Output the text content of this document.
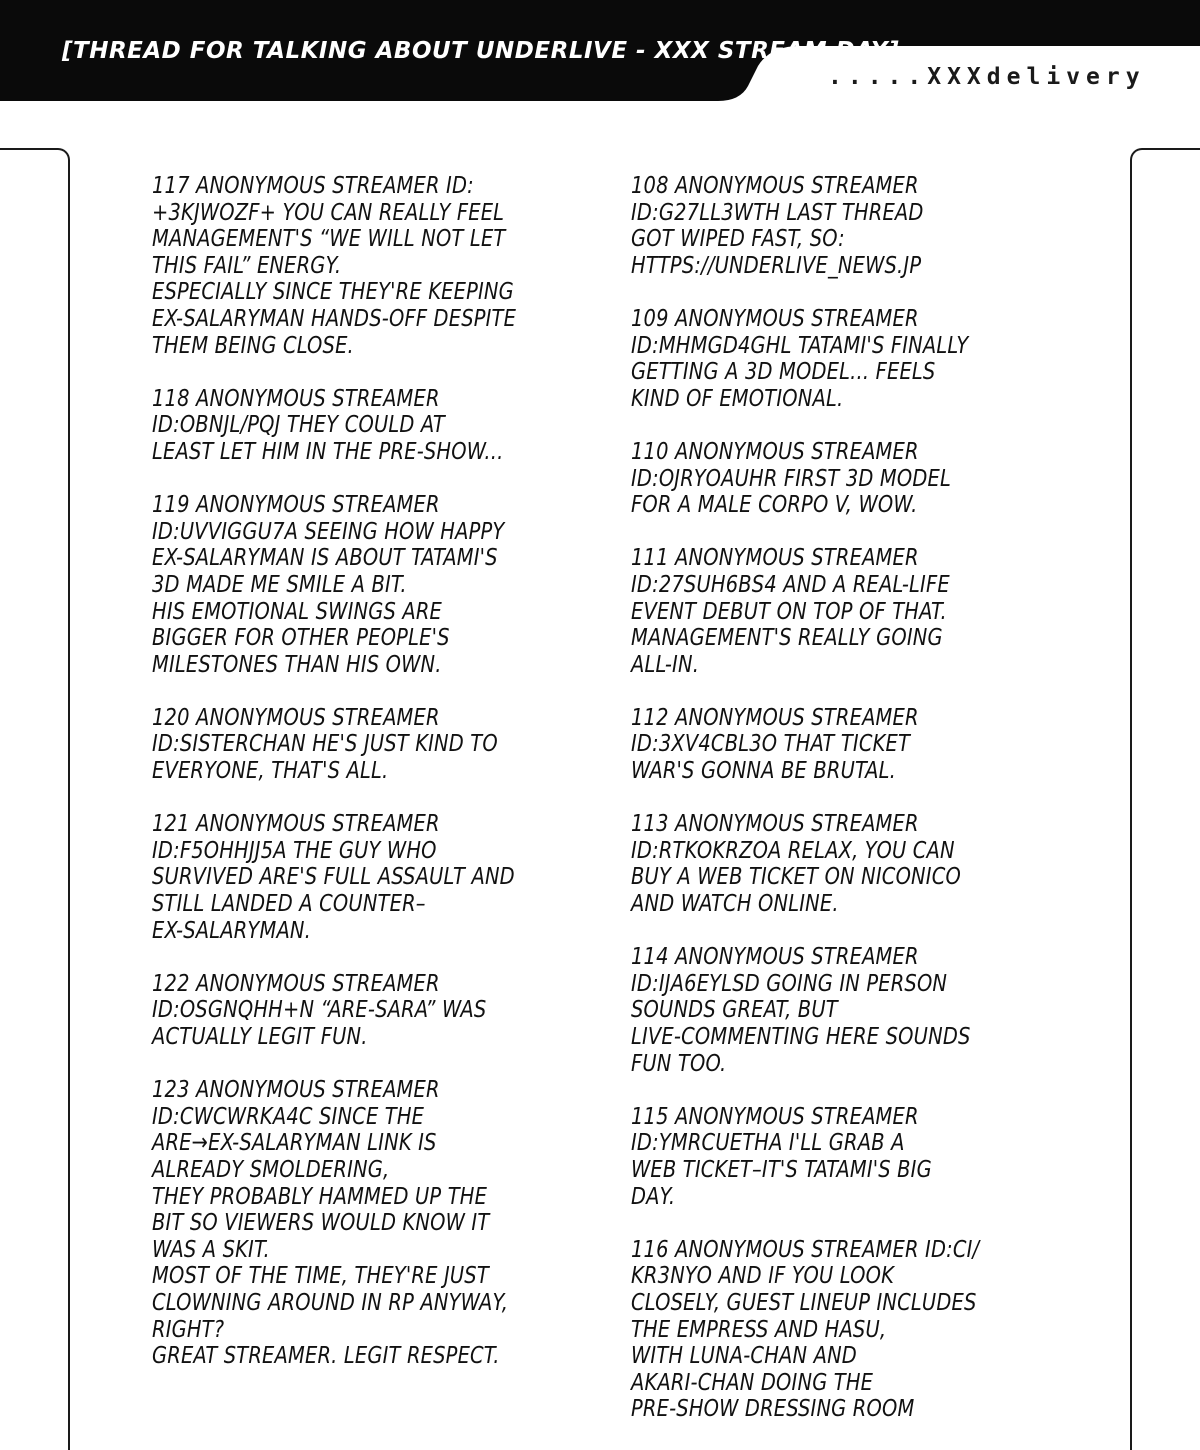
[THREAD FOR TALKING ABOUT UNDERLIVE - XXX STREAM DAY]
.....XXXdelivery
117 ANONYMOUS STREAMER ID:
+3KJWOZF+ YOU CAN REALLY FEEL
MANAGEMENT'S “WE WILL NOT LET
THIS FAIL” ENERGY.
ESPECIALLY SINCE THEY'RE KEEPING
EX-SALARYMAN HANDS-OFF DESPITE
THEM BEING CLOSE.
118 ANONYMOUS STREAMER
ID:OBNJL/PQJ THEY COULD AT
LEAST LET HIM IN THE PRE-SHOW...
119 ANONYMOUS STREAMER
ID:UVVIGGU7A SEEING HOW HAPPY
EX-SALARYMAN IS ABOUT TATAMI'S
3D MADE ME SMILE A BIT.
HIS EMOTIONAL SWINGS ARE
BIGGER FOR OTHER PEOPLE'S
MILESTONES THAN HIS OWN.
120 ANONYMOUS STREAMER
ID:SISTERCHAN HE'S JUST KIND TO
EVERYONE, THAT'S ALL.
121 ANONYMOUS STREAMER
ID:F5OHHJJ5A THE GUY WHO
SURVIVED ARE'S FULL ASSAULT AND
STILL LANDED A COUNTER–
EX-SALARYMAN.
122 ANONYMOUS STREAMER
ID:OSGNQHH+N “ARE-SARA” WAS
ACTUALLY LEGIT FUN.
123 ANONYMOUS STREAMER
ID:CWCWRKA4C SINCE THE
ARE→EX-SALARYMAN LINK IS
ALREADY SMOLDERING,
THEY PROBABLY HAMMED UP THE
BIT SO VIEWERS WOULD KNOW IT
WAS A SKIT.
MOST OF THE TIME, THEY'RE JUST
CLOWNING AROUND IN RP ANYWAY,
RIGHT?
GREAT STREAMER. LEGIT RESPECT.
108 ANONYMOUS STREAMER
ID:G27LL3WTH LAST THREAD
GOT WIPED FAST, SO:
HTTPS://UNDERLIVE_NEWS.JP
109 ANONYMOUS STREAMER
ID:MHMGD4GHL TATAMI'S FINALLY
GETTING A 3D MODEL... FEELS
KIND OF EMOTIONAL.
110 ANONYMOUS STREAMER
ID:OJRYOAUHR FIRST 3D MODEL
FOR A MALE CORPO V, WOW.
111 ANONYMOUS STREAMER
ID:27SUH6BS4 AND A REAL-LIFE
EVENT DEBUT ON TOP OF THAT.
MANAGEMENT'S REALLY GOING
ALL-IN.
112 ANONYMOUS STREAMER
ID:3XV4CBL3O THAT TICKET
WAR'S GONNA BE BRUTAL.
113 ANONYMOUS STREAMER
ID:RTKOKRZOA RELAX, YOU CAN
BUY A WEB TICKET ON NICONICO
AND WATCH ONLINE.
114 ANONYMOUS STREAMER
ID:IJA6EYLSD GOING IN PERSON
SOUNDS GREAT, BUT
LIVE-COMMENTING HERE SOUNDS
FUN TOO.
115 ANONYMOUS STREAMER
ID:YMRCUETHA I'LL GRAB A
WEB TICKET–IT'S TATAMI'S BIG
DAY.
116 ANONYMOUS STREAMER ID:CI/
KR3NYO AND IF YOU LOOK
CLOSELY, GUEST LINEUP INCLUDES
THE EMPRESS AND HASU,
WITH LUNA-CHAN AND
AKARI-CHAN DOING THE
PRE-SHOW DRESSING ROOM
